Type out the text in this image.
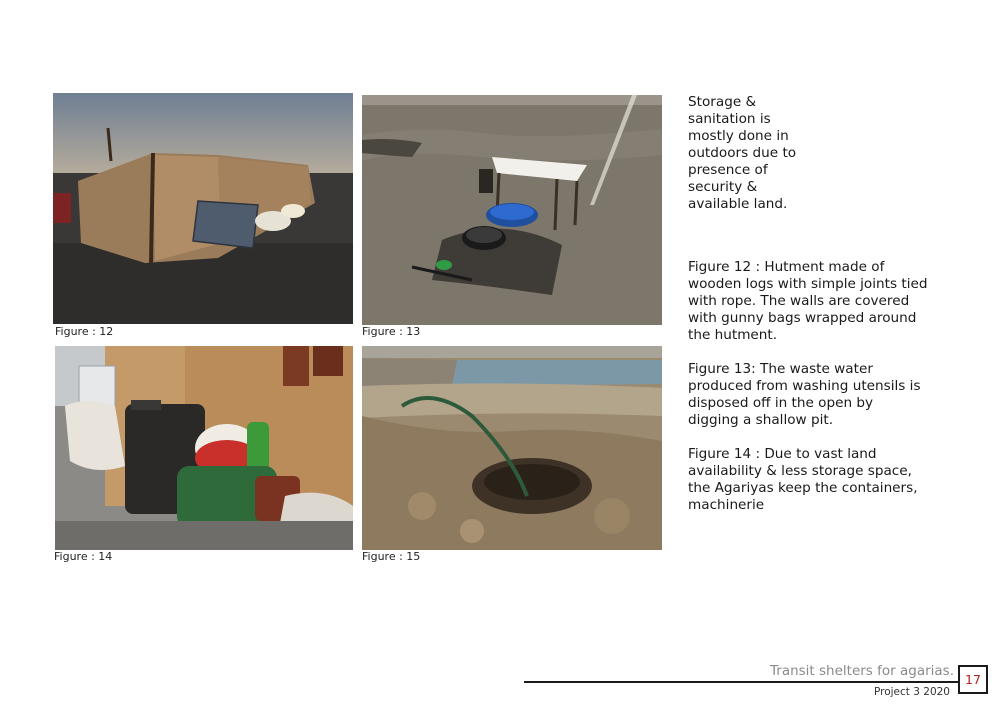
Figure : 12	Figure : 13
Figure : 14	Figure : 15
Storage & sanitation is mostly done in outdoors due to presence of security & available land.

Figure 12 : Hutment made of wooden logs with simple joints tied with rope. The walls are covered with gunny bags wrapped around the hutment.

Figure 13: The waste water produced from washing utensils is disposed off in the open by digging a shallow pit.

Figure 14 : Due to vast land availability & less storage space, the Agariyas keep the containers, machinerie

Transit shelters for agarias.
Project 3 2020
17
